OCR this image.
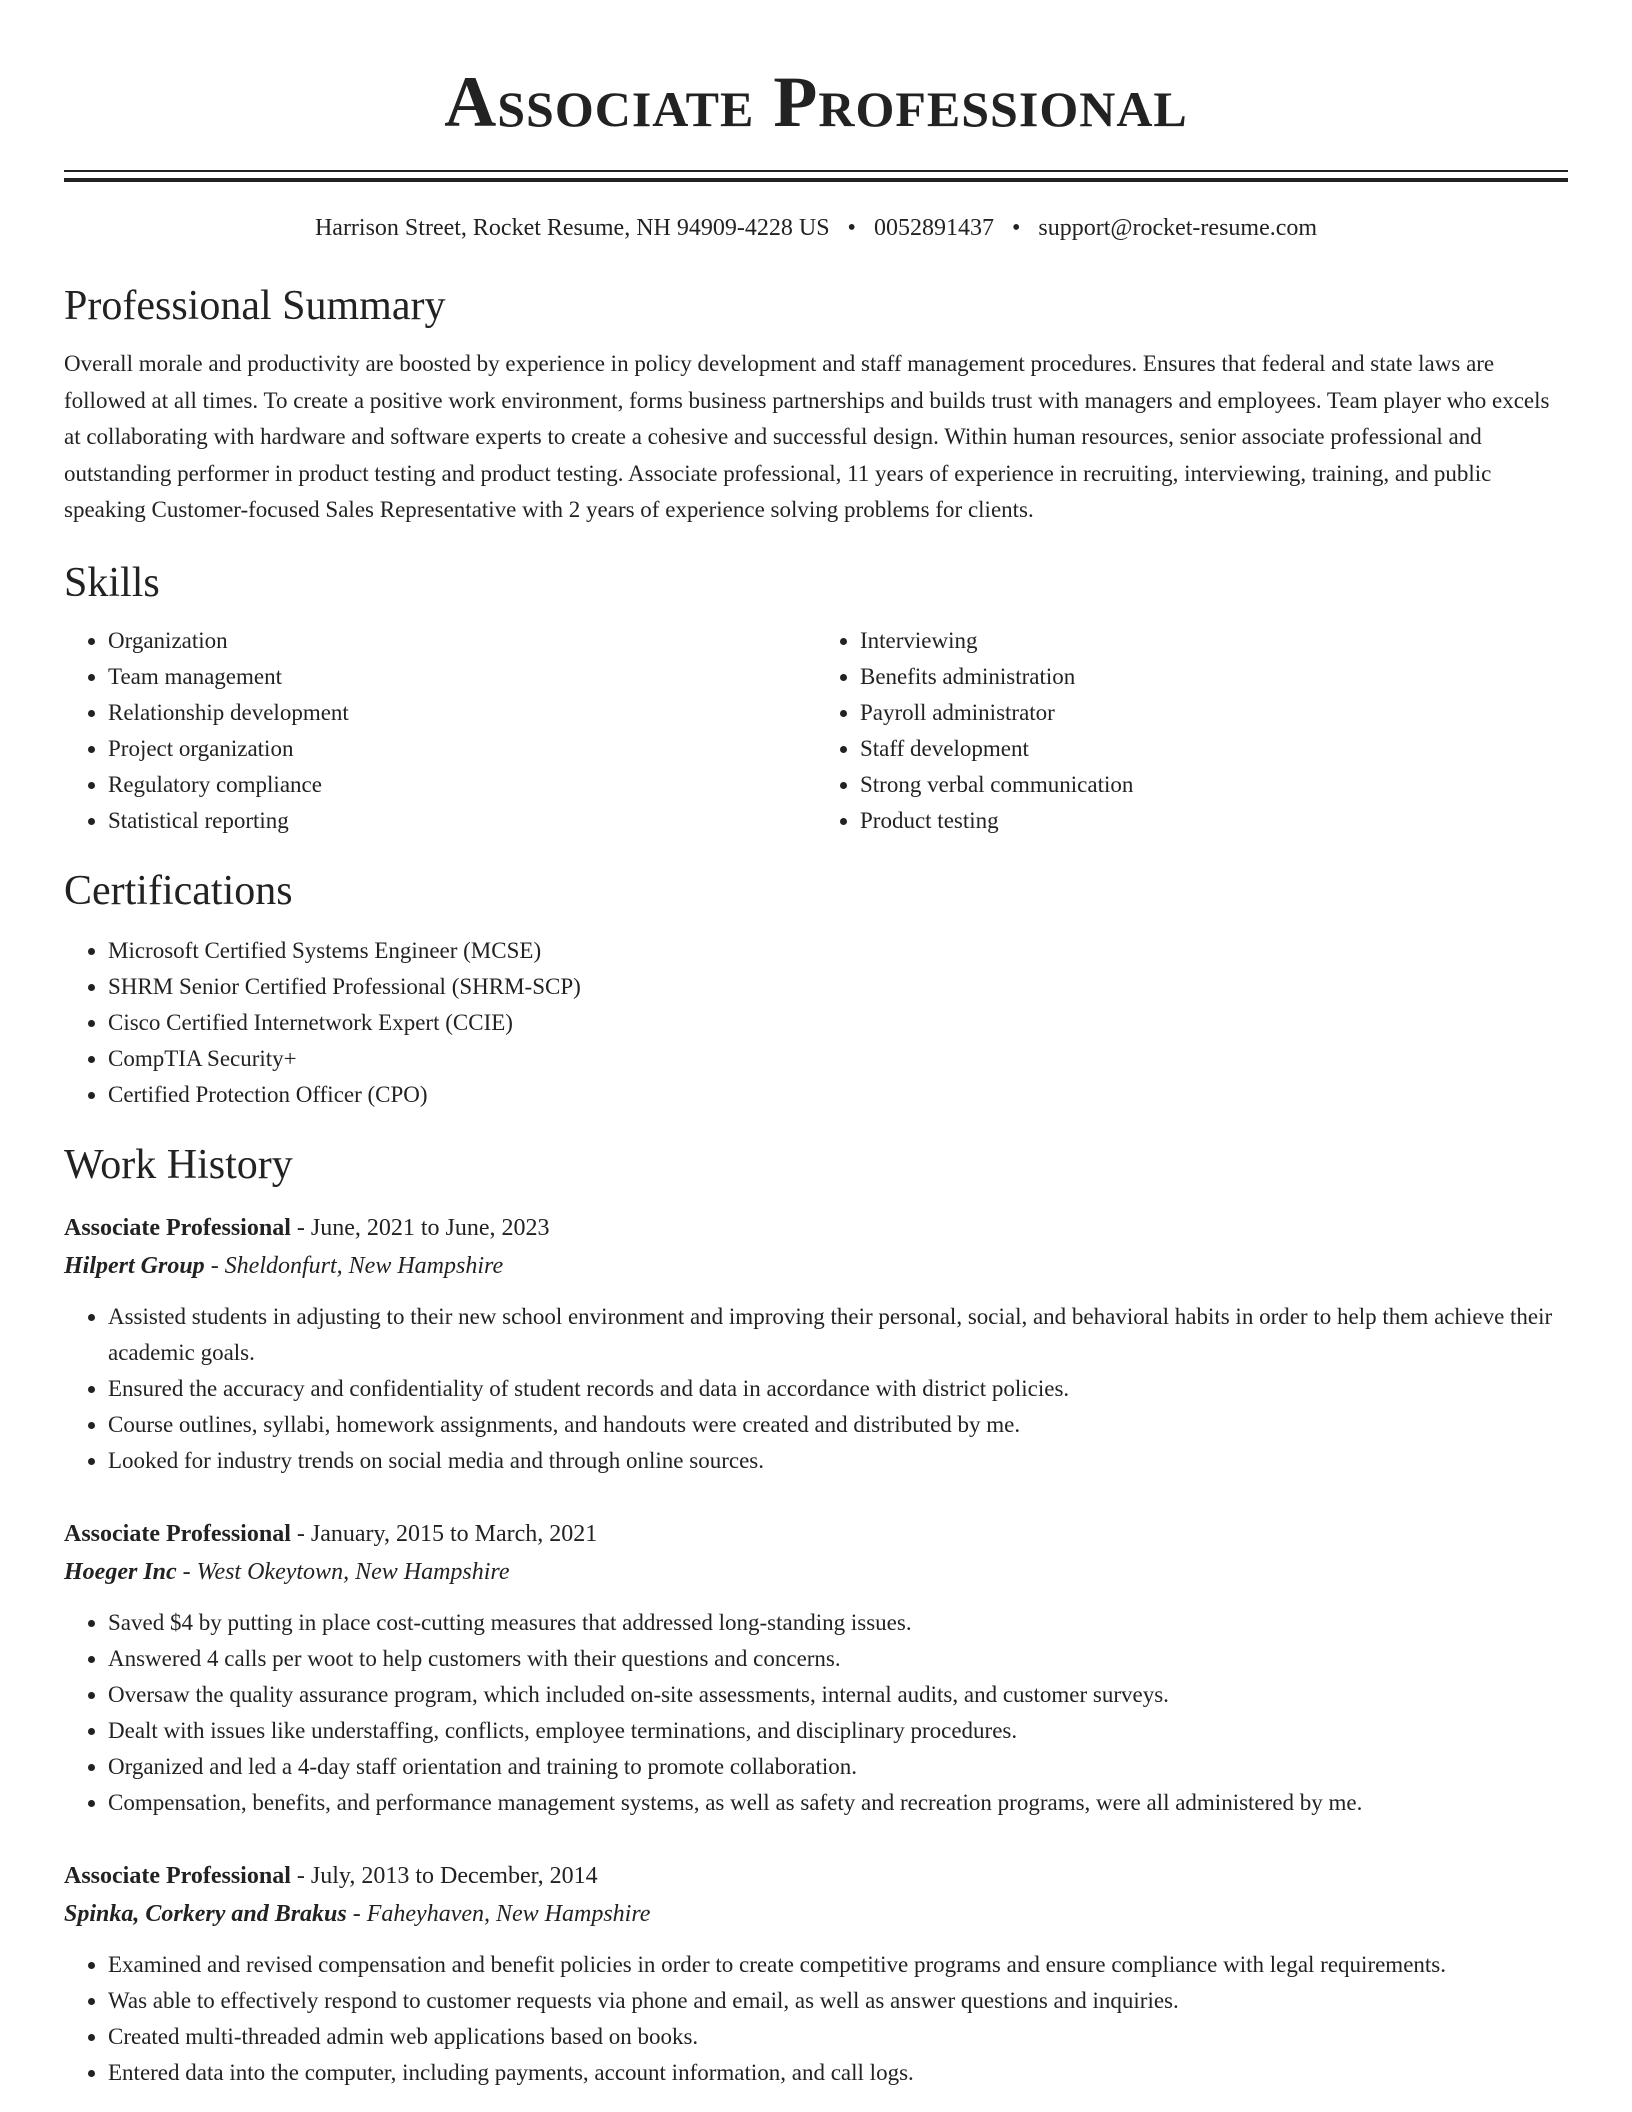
Associate Professional
Harrison Street, Rocket Resume, NH 94909-4228 US • 0052891437 • support@rocket-resume.com
Professional Summary

Overall morale and productivity are boosted by experience in policy development and staff management procedures. Ensures that federal and state laws are followed at all times. To create a positive work environment, forms business partnerships and builds trust with managers and employees. Team player who excels at collaborating with hardware and software experts to create a cohesive and successful design. Within human resources, senior associate professional and outstanding performer in product testing and product testing. Associate professional, 11 years of experience in recruiting, interviewing, training, and public speaking Customer-focused Sales Representative with 2 years of experience solving problems for clients.

Skills
• Organization
• Team management
• Relationship development
• Project organization
• Regulatory compliance
• Statistical reporting
• Interviewing
• Benefits administration
• Payroll administrator
• Staff development
• Strong verbal communication
• Product testing
Certifications
• Microsoft Certified Systems Engineer (MCSE)
• SHRM Senior Certified Professional (SHRM-SCP)
• Cisco Certified Internetwork Expert (CCIE)
• CompTIA Security+
• Certified Protection Officer (CPO)
Work History
Associate Professional - June, 2021 to June, 2023
Hilpert Group - Sheldonfurt, New Hampshire
• Assisted students in adjusting to their new school environment and improving their personal, social, and behavioral habits in order to help them achieve their academic goals.
• Ensured the accuracy and confidentiality of student records and data in accordance with district policies.
• Course outlines, syllabi, homework assignments, and handouts were created and distributed by me.
• Looked for industry trends on social media and through online sources.
Associate Professional - January, 2015 to March, 2021
Hoeger Inc - West Okeytown, New Hampshire
• Saved $4 by putting in place cost-cutting measures that addressed long-standing issues.
• Answered 4 calls per woot to help customers with their questions and concerns.
• Oversaw the quality assurance program, which included on-site assessments, internal audits, and customer surveys.
• Dealt with issues like understaffing, conflicts, employee terminations, and disciplinary procedures.
• Organized and led a 4-day staff orientation and training to promote collaboration.
• Compensation, benefits, and performance management systems, as well as safety and recreation programs, were all administered by me.
Associate Professional - July, 2013 to December, 2014
Spinka, Corkery and Brakus - Faheyhaven, New Hampshire
• Examined and revised compensation and benefit policies in order to create competitive programs and ensure compliance with legal requirements.
• Was able to effectively respond to customer requests via phone and email, as well as answer questions and inquiries.
• Created multi-threaded admin web applications based on books.
• Entered data into the computer, including payments, account information, and call logs.
